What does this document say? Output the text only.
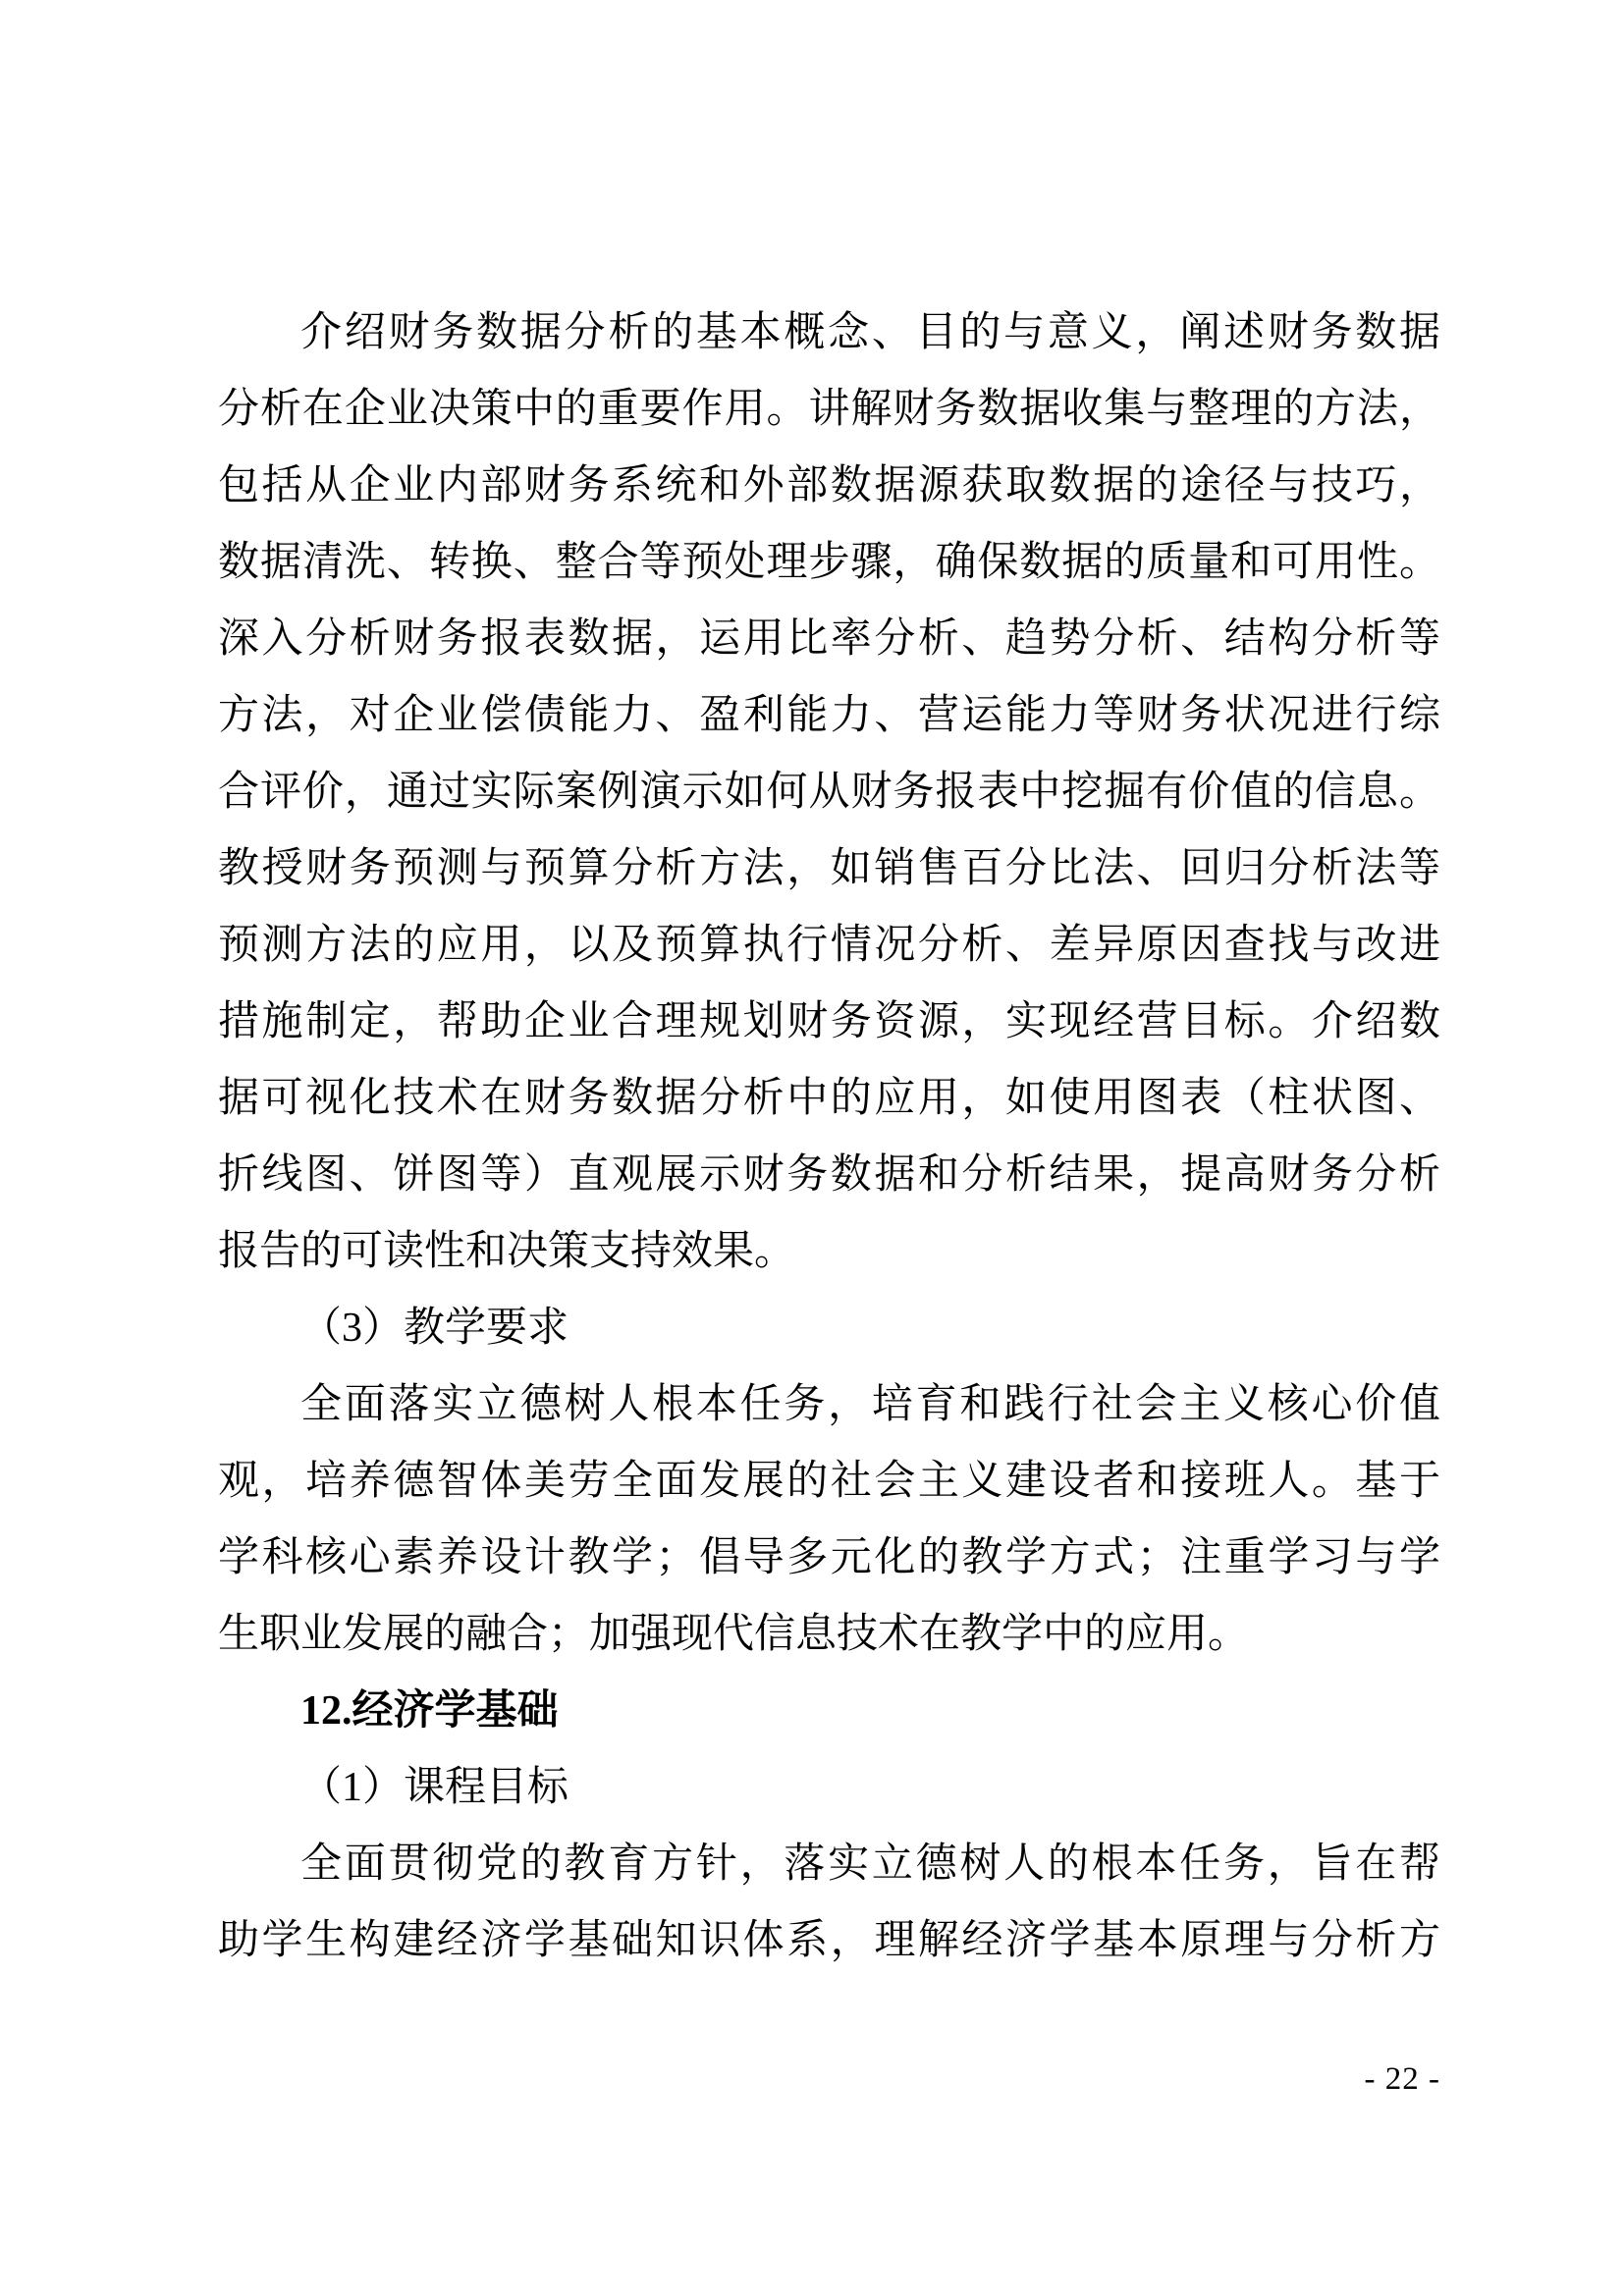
介绍财务数据分析的基本概念、目的与意义，阐述财务数据
分析在企业决策中的重要作用。讲解财务数据收集与整理的方法，
包括从企业内部财务系统和外部数据源获取数据的途径与技巧，
数据清洗、转换、整合等预处理步骤，确保数据的质量和可用性。
深入分析财务报表数据，运用比率分析、趋势分析、结构分析等
方法，对企业偿债能力、盈利能力、营运能力等财务状况进行综
合评价，通过实际案例演示如何从财务报表中挖掘有价值的信息。
教授财务预测与预算分析方法，如销售百分比法、回归分析法等
预测方法的应用，以及预算执行情况分析、差异原因查找与改进
措施制定，帮助企业合理规划财务资源，实现经营目标。介绍数
据可视化技术在财务数据分析中的应用，如使用图表（柱状图、
折线图、饼图等）直观展示财务数据和分析结果，提高财务分析
报告的可读性和决策支持效果。
（3）教学要求
全面落实立德树人根本任务，培育和践行社会主义核心价值
观，培养德智体美劳全面发展的社会主义建设者和接班人。基于
学科核心素养设计教学；倡导多元化的教学方式；注重学习与学
生职业发展的融合；加强现代信息技术在教学中的应用。
12.经济学基础
（1）课程目标
全面贯彻党的教育方针，落实立德树人的根本任务，旨在帮
助学生构建经济学基础知识体系，理解经济学基本原理与分析方
- 22 -
